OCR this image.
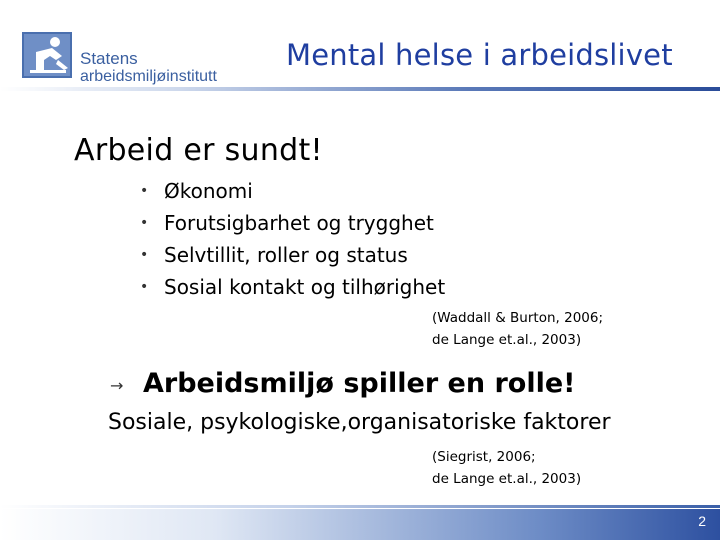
Statens
arbeidsmiljøinstitutt
Mental helse i arbeidslivet
Arbeid er sundt!
• Økonomi
• Forutsigbarhet og trygghet
• Selvtillit, roller og status
• Sosial kontakt og tilhørighet
(Waddall & Burton, 2006;
de Lange et.al., 2003)
→ Arbeidsmiljø spiller en rolle!
Sosiale, psykologiske,organisatoriske faktorer
(Siegrist, 2006;
de Lange et.al., 2003)
2
